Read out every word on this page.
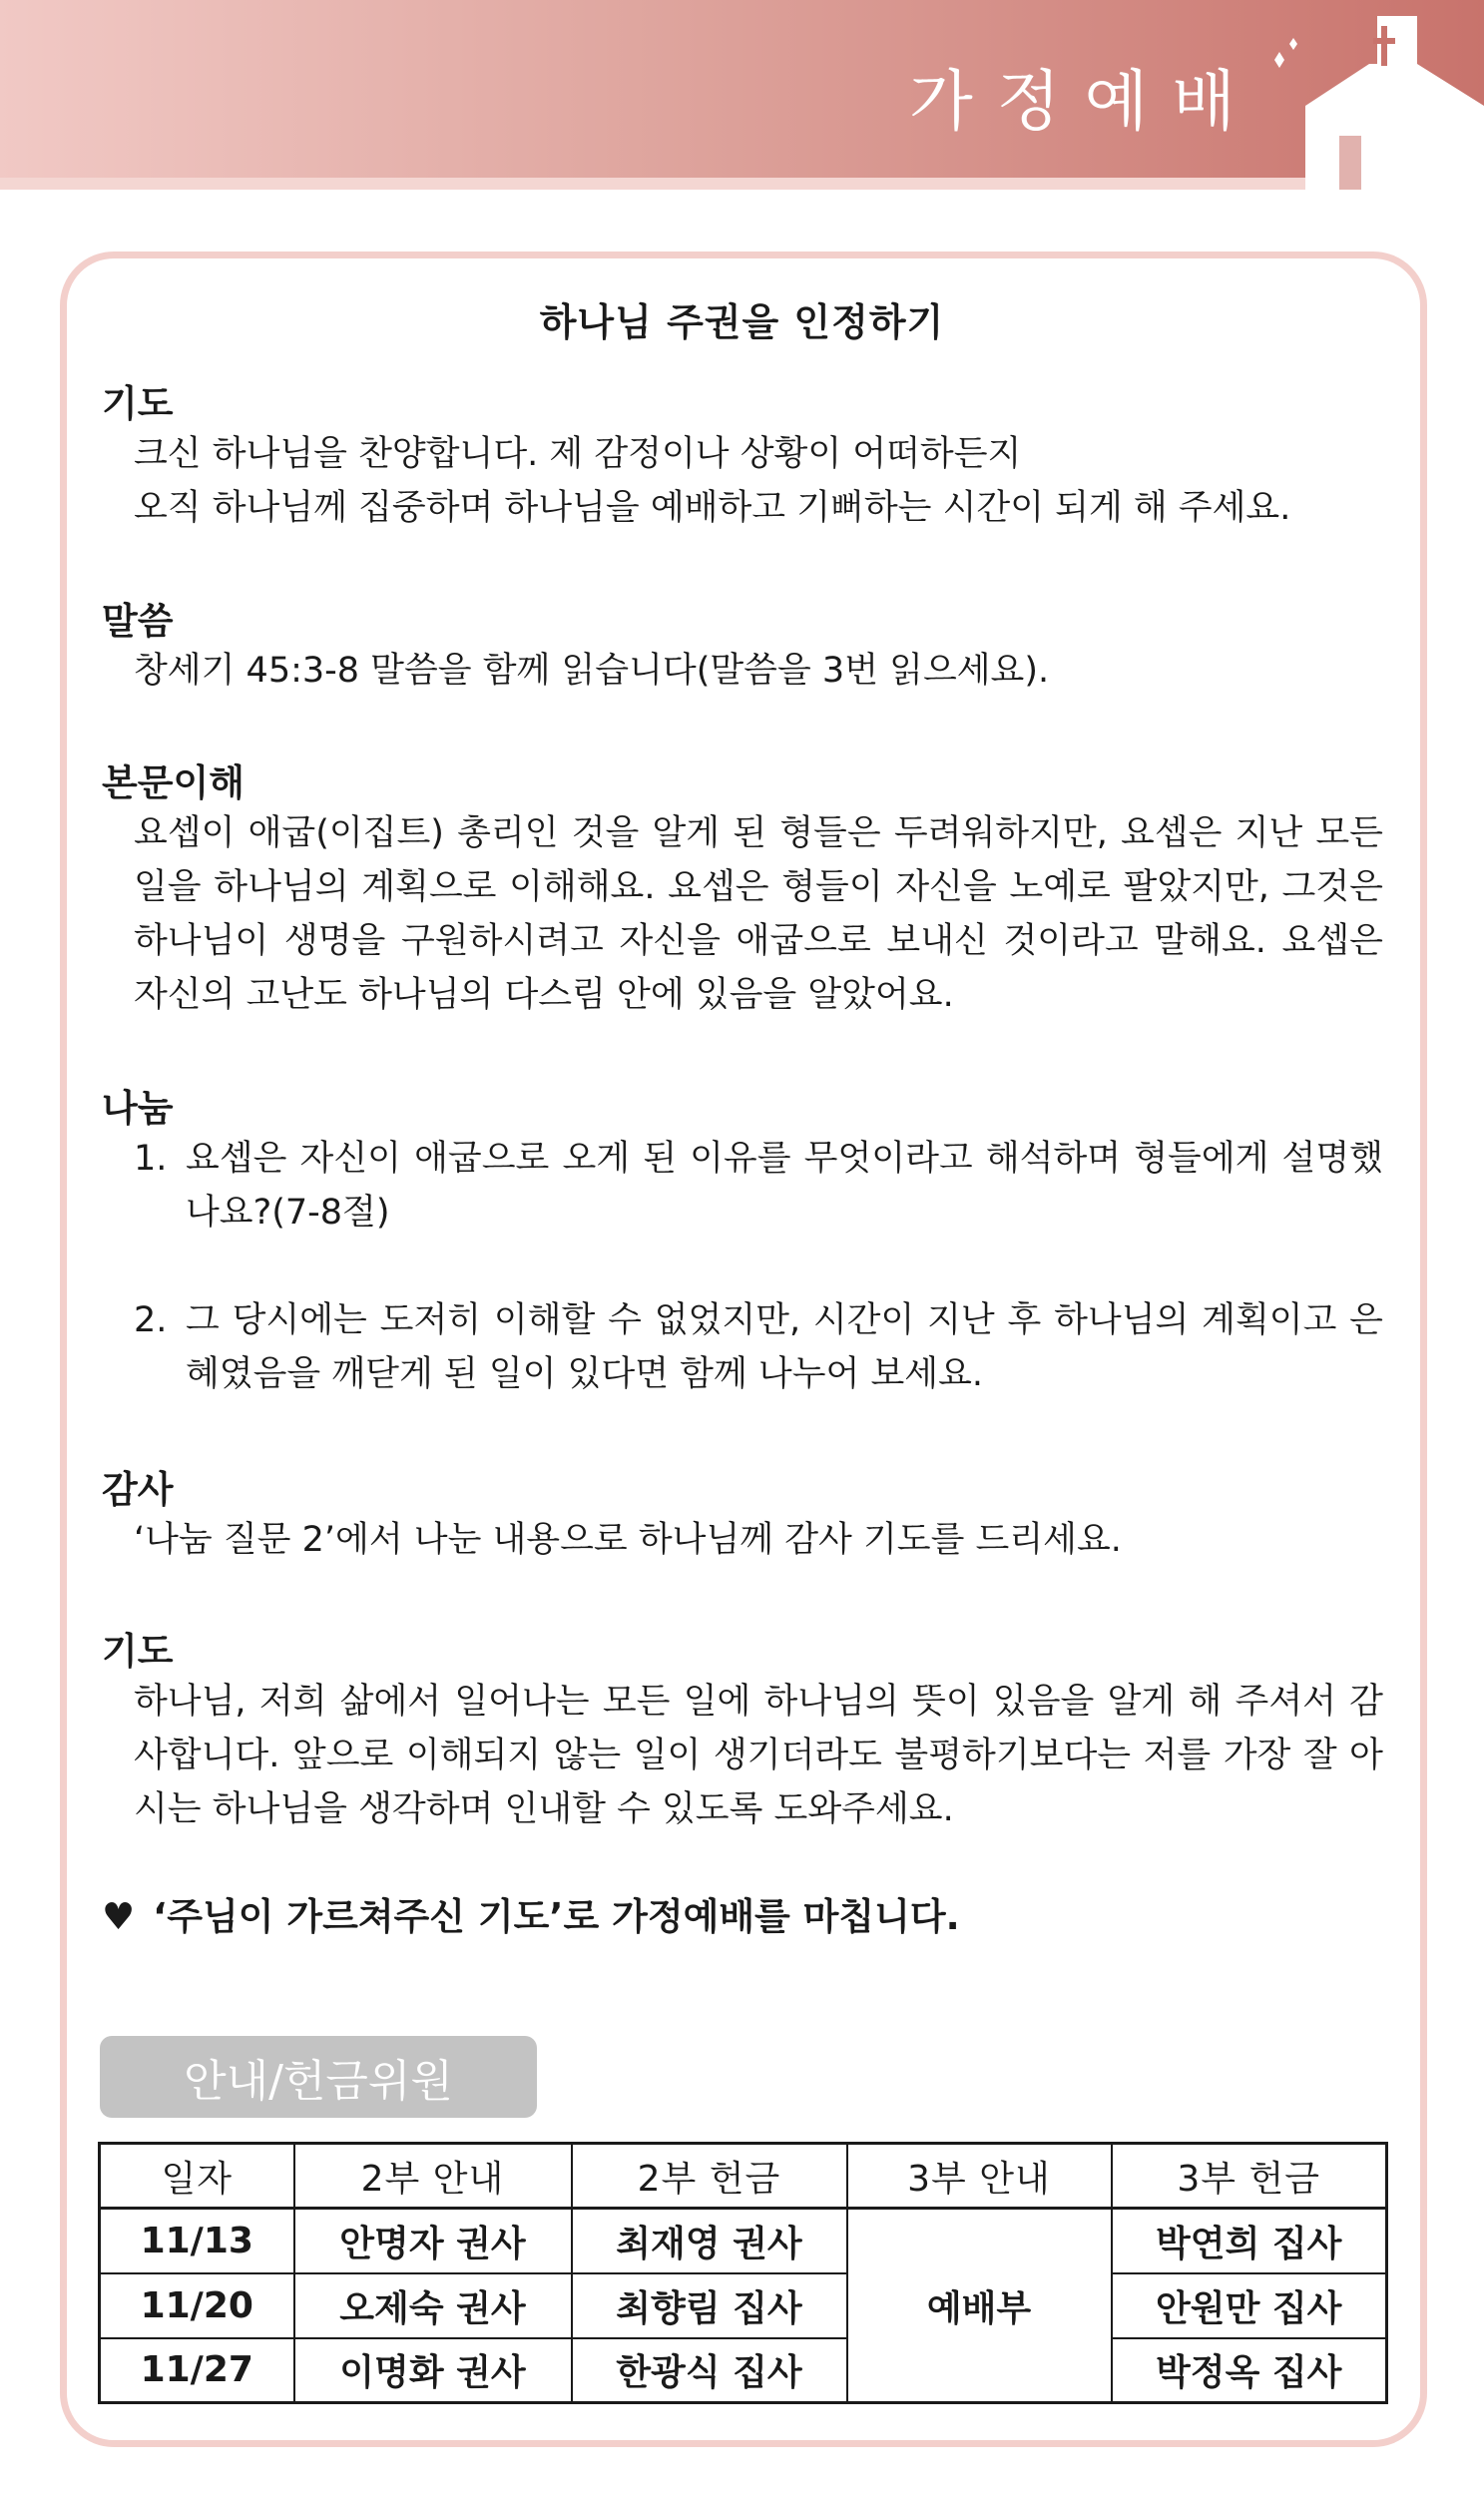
가정예배
하나님 주권을 인정하기
기도
크신 하나님을 찬양합니다. 제 감정이나 상황이 어떠하든지
오직 하나님께 집중하며 하나님을 예배하고 기뻐하는 시간이 되게 해 주세요.
말씀
창세기 45:3-8 말씀을 함께 읽습니다(말씀을 3번 읽으세요).
본문이해
요셉이 애굽(이집트) 총리인 것을 알게 된 형들은 두려워하지만, 요셉은 지난 모든 일을 하나님의 계획으로 이해해요. 요셉은 형들이 자신을 노예로 팔았지만, 그것은 하나님이 생명을 구원하시려고 자신을 애굽으로 보내신 것이라고 말해요. 요셉은 자신의 고난도 하나님의 다스림 안에 있음을 알았어요.
나눔
1. 요셉은 자신이 애굽으로 오게 된 이유를 무엇이라고 해석하며 형들에게 설명했나요?(7-8절)
2. 그 당시에는 도저히 이해할 수 없었지만, 시간이 지난 후 하나님의 계획이고 은혜였음을 깨닫게 된 일이 있다면 함께 나누어 보세요.
감사
‘나눔 질문 2’에서 나눈 내용으로 하나님께 감사 기도를 드리세요.
기도
하나님, 저희 삶에서 일어나는 모든 일에 하나님의 뜻이 있음을 알게 해 주셔서 감사합니다. 앞으로 이해되지 않는 일이 생기더라도 불평하기보다는 저를 가장 잘 아시는 하나님을 생각하며 인내할 수 있도록 도와주세요.
♥ ‘주님이 가르쳐주신 기도’로 가정예배를 마칩니다.
안내/헌금위원
일자	2부 안내	2부 헌금	3부 안내	3부 헌금
11/13	안명자 권사	최재영 권사	예배부	박연희 집사
11/20	오제숙 권사	최향림 집사		안원만 집사
11/27	이명화 권사	한광식 집사		박정옥 집사
